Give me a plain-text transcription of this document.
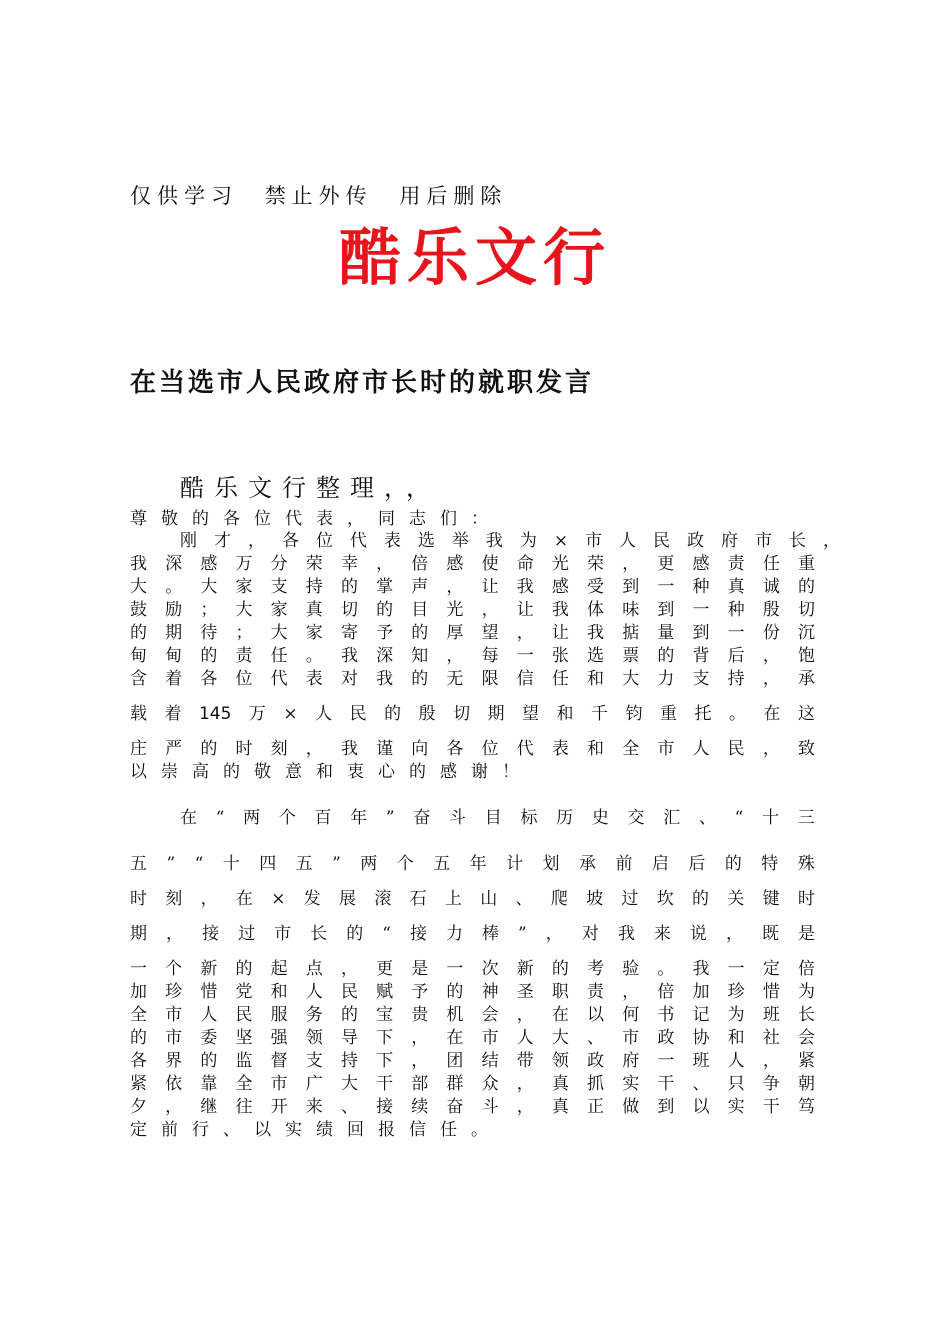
仅供学习 禁止外传 用后删除
酷乐文行
在当选市人民政府市长时的就职发言
酷乐文行整理，，
尊 敬 的 各 位 代 表 ， 同 志 们 ：
刚 才 ， 各 位 代 表 选 举 我 为 × 市 人 民 政 府 市 长 ，
我 深 感 万 分 荣 幸 ， 倍 感 使 命 光 荣 ， 更 感 责 任 重
大 。 大 家 支 持 的 掌 声 ， 让 我 感 受 到 一 种 真 诚 的
鼓 励 ； 大 家 真 切 的 目 光 ， 让 我 体 味 到 一 种 殷 切
的 期 待 ； 大 家 寄 予 的 厚 望 ， 让 我 掂 量 到 一 份 沉
甸 甸 的 责 任 。 我 深 知 ， 每 一 张 选 票 的 背 后 ， 饱
含 着 各 位 代 表 对 我 的 无 限 信 任 和 大 力 支 持 ， 承
载 着 145 万 × 人 民 的 殷 切 期 望 和 千 钧 重 托 。 在 这
庄 严 的 时 刻 ， 我 谨 向 各 位 代 表 和 全 市 人 民 ， 致
以 崇 高 的 敬 意 和 衷 心 的 感 谢 ！
在 “ 两 个 百 年 ” 奋 斗 目 标 历 史 交 汇 、 “ 十 三
五 ” “ 十 四 五 ” 两 个 五 年 计 划 承 前 启 后 的 特 殊
时 刻 ， 在 × 发 展 滚 石 上 山 、 爬 坡 过 坎 的 关 键 时
期 ， 接 过 市 长 的 “ 接 力 棒 ” ， 对 我 来 说 ， 既 是
一 个 新 的 起 点 ， 更 是 一 次 新 的 考 验 。 我 一 定 倍
加 珍 惜 党 和 人 民 赋 予 的 神 圣 职 责 ， 倍 加 珍 惜 为
全 市 人 民 服 务 的 宝 贵 机 会 ， 在 以 何 书 记 为 班 长
的 市 委 坚 强 领 导 下 ， 在 市 人 大 、 市 政 协 和 社 会
各 界 的 监 督 支 持 下 ， 团 结 带 领 政 府 一 班 人 ， 紧
紧 依 靠 全 市 广 大 干 部 群 众 ， 真 抓 实 干 、 只 争 朝
夕 ， 继 往 开 来 、 接 续 奋 斗 ， 真 正 做 到 以 实 干 笃
定 前 行 、 以 实 绩 回 报 信 任 。
